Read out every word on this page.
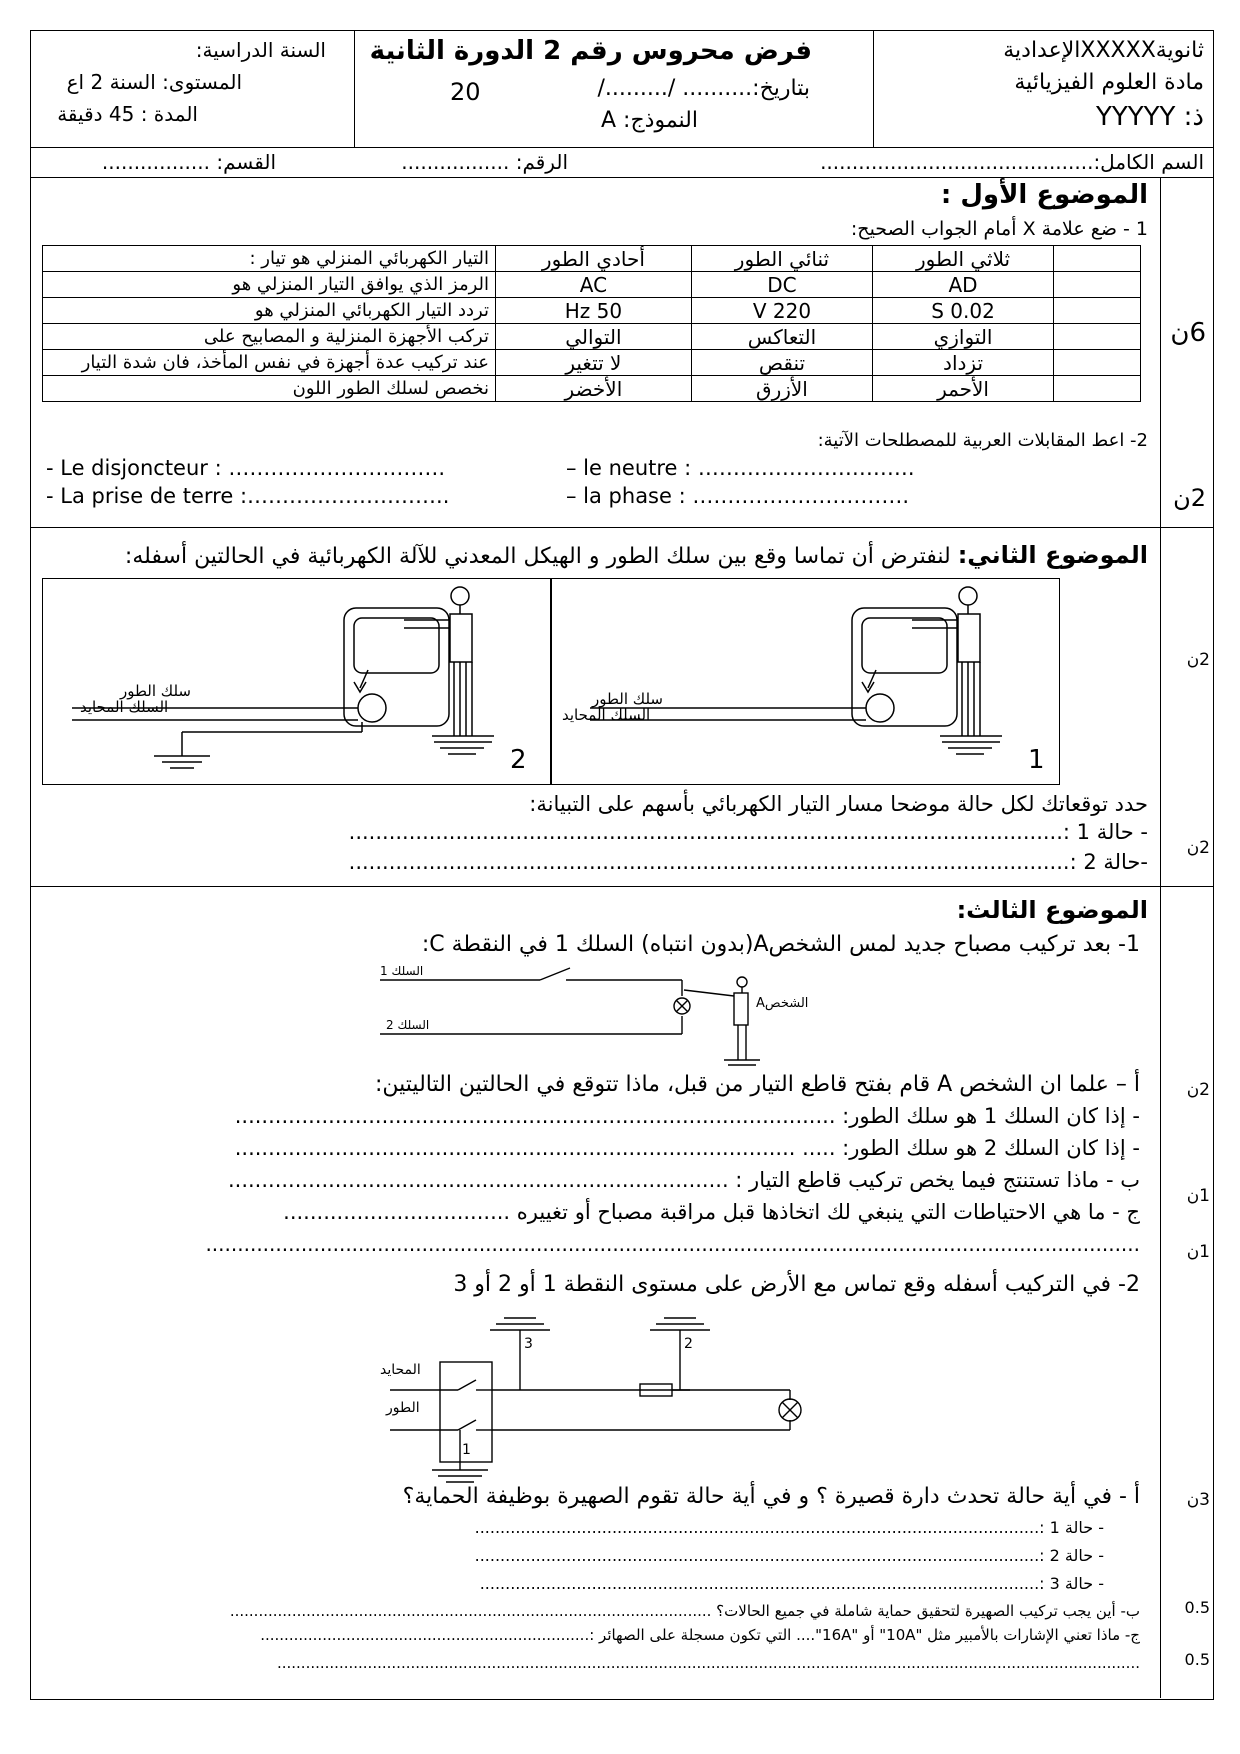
ثانويةXXXXXالإعدادية
مادة العلوم الفيزيائية
ذ: YYYYY
فرض محروس رقم 2 الدورة الثانية
بتاريخ:.......... /........./
20
النموذج: A
السنة الدراسية:
المستوى: السنة 2 اع
المدة : 45 دقيقة
السم الكامل:...........................................
الرقم: .................
القسم: .................
الموضوع الأول :
1 - ضع علامة X أمام الجواب الصحيح:
التيار الكهربائي المنزلي هو تيار :	أحادي الطور	ثنائي الطور	ثلاثي الطور	
الرمز الذي يوافق التيار المنزلي هو	AC	DC	AD	
تردد التيار الكهربائي المنزلي هو	50 Hz	220 V	0.02 S	
تركب الأجهزة المنزلية و المصابيح على	التوالي	التعاكس	التوازي	
عند تركيب عدة أجهزة في نفس المأخذ، فان شدة التيار	لا تتغير	تنقص	تزداد	
نخصص لسلك الطور اللون	الأخضر	الأزرق	الأحمر	
6ن
2- اعط المقابلات العربية للمصطلحات الآتية:
- Le disjoncteur : ………………………….	– le neutre : ………………………….
- La prise de terre :………………………..	– la phase : ………………………….	2ن
الموضوع الثاني: لنفترض أن تماسا وقع بين سلك الطور و الهيكل المعدني للآلة الكهربائية في الحالتين أسفله:
سلك الطور
السلك المحايد
2
سلك الطور
السلك المحايد
1
2ن
حدد توقعاتك لكل حالة موضحا مسار التيار الكهربائي بأسهم على التبيانة:
- حالة 1 :...........................................................................................................
-حالة 2 :............................................................................................................
2ن
الموضوع الثالث:
1- بعد تركيب مصباح جديد لمس الشخصA(بدون انتباه) السلك 1 في النقطة C:
السلك 1
السلك 2
الشخصA
أ – علما ان الشخص A قام بفتح قاطع التيار من قبل، ماذا تتوقع في الحالتين التاليتين:	2ن
- إذا كان السلك 1 هو سلك الطور: ..........................................................................................
- إذا كان السلك 2 هو سلك الطور: ..... ....................................................................................
ب - ماذا تستنتج فيما يخص تركيب قاطع التيار : ...........................................................................
1ن
ج - ما هي الاحتياطات التي ينبغي لك اتخاذها قبل مراقبة مصباح أو تغييره ..................................
...................................................................................................................................................	1ن
2- في التركيب أسفله وقع تماس مع الأرض على مستوى النقطة 1 أو 2 أو 3
المحايد
الطور
1
3	2
أ - في أية حالة تحدث دارة قصيرة ؟ و في أية حالة تقوم الصهيرة بوظيفة الحماية؟	3ن
- حالة 1 :...............................................................................................................
- حالة 2 :...............................................................................................................
- حالة 3 :..............................................................................................................
ب- أين يجب تركيب الصهيرة لتحقيق حماية شاملة في جميع الحالات؟ .....................................................................................................	0.5
ج- ماذا تعني الإشارات بالأمبير مثل "10A" أو "16A".... التي تكون مسجلة على الصهائر :.....................................................................
.....................................................................................................................................................................................	0.5
